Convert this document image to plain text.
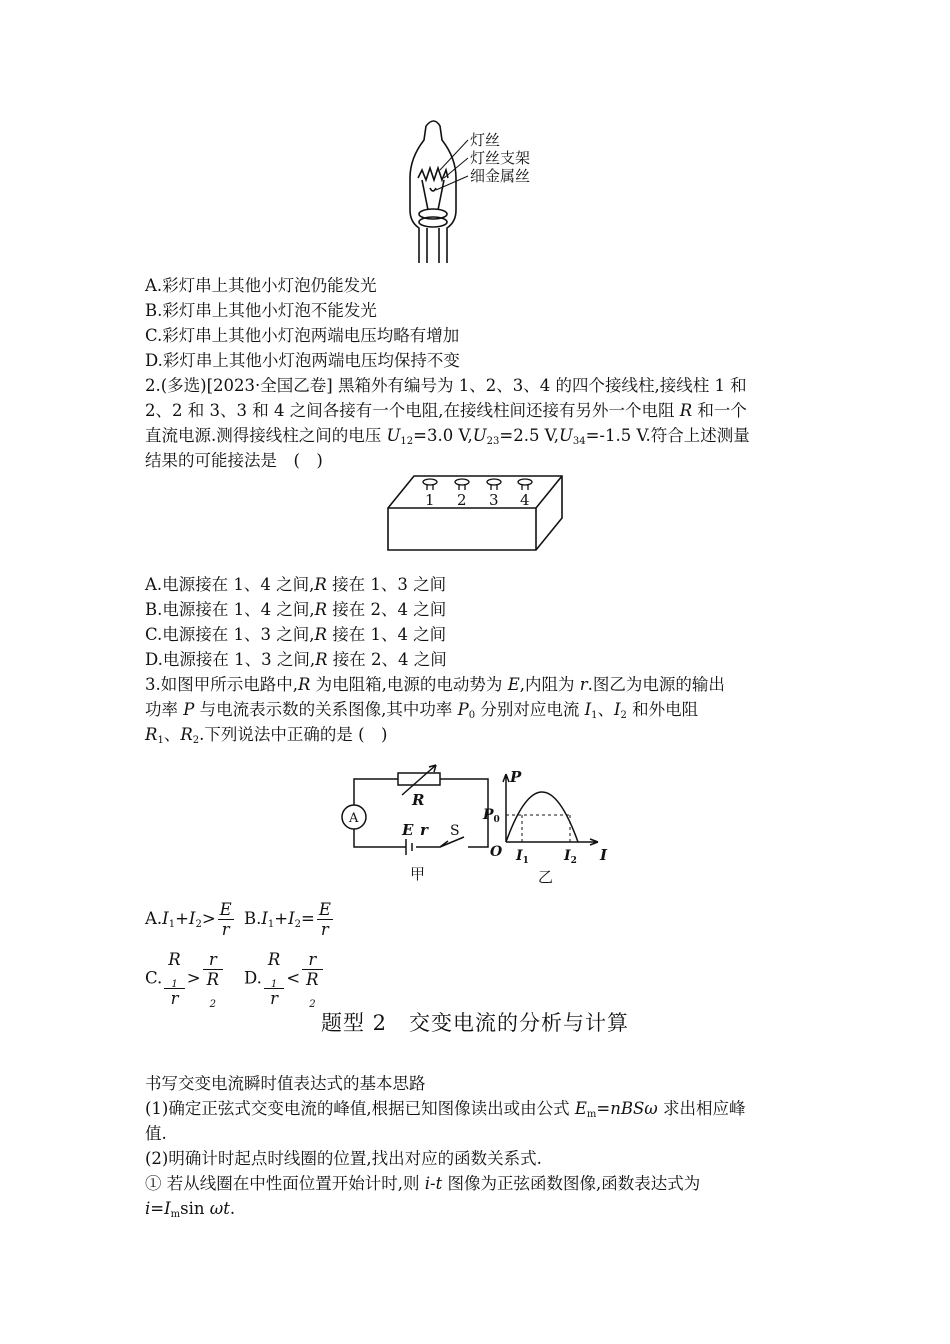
灯丝
灯丝支架
细金属丝
A.彩灯串上其他小灯泡仍能发光
B.彩灯串上其他小灯泡不能发光
C.彩灯串上其他小灯泡两端电压均略有增加
D.彩灯串上其他小灯泡两端电压均保持不变
2.(多选)[2023·全国乙卷] 黑箱外有编号为 1、2、3、4 的四个接线柱,接线柱 1 和
2、2 和 3、3 和 4 之间各接有一个电阻,在接线柱间还接有另外一个电阻 R 和一个
直流电源.测得接线柱之间的电压 $U_{12}=3.0$ $V,U_{23}=2.5$ $V,U_{34}=-1.5$ V.符合上述测量
结果的可能接法是　(　)
1 2 3 4
A.电源接在 1、4 之间,R 接在 1、3 之间
B.电源接在 1、4 之间,R 接在 2、4 之间
C.电源接在 1、3 之间,R 接在 1、4 之间
D.电源接在 1、3 之间,R 接在 2、4 之间
3.如图甲所示电路中,R 为电阻箱,电源的电动势为 E,内阻为 r.图乙为电源的输出
功率 P 与电流表示数的关系图像,其中功率 $P_0$ 分别对应电流 $I_1$、$I_2$ 和外电阻
$R_1$、$R_2$.下列说法中正确的是 (　)
A
R
E r S
甲
P
I
O
$P_0$
$I_1$	$I_2$
乙
$A.I_1+I_2> \frac{E}{r} B.I_1+I_2= \frac{E}{r}$
C. R
$_1$
r > r
R
$_2$ D. R
$_1$
r < r
R
$_2$
题型 2　交变电流的分析与计算
书写交变电流瞬时值表达式的基本思路
(1)确定正弦式交变电流的峰值,根据已知图像读出或由公式 $E_m=nBS\omega$ 求出相应峰
值.
(2)明确计时起点时线圈的位置,找出对应的函数关系式.
① 若从线圈在中性面位置开始计时,则 i-t 图像为正弦函数图像,函数表达式为
$i=I_m\sin$ ωt.
